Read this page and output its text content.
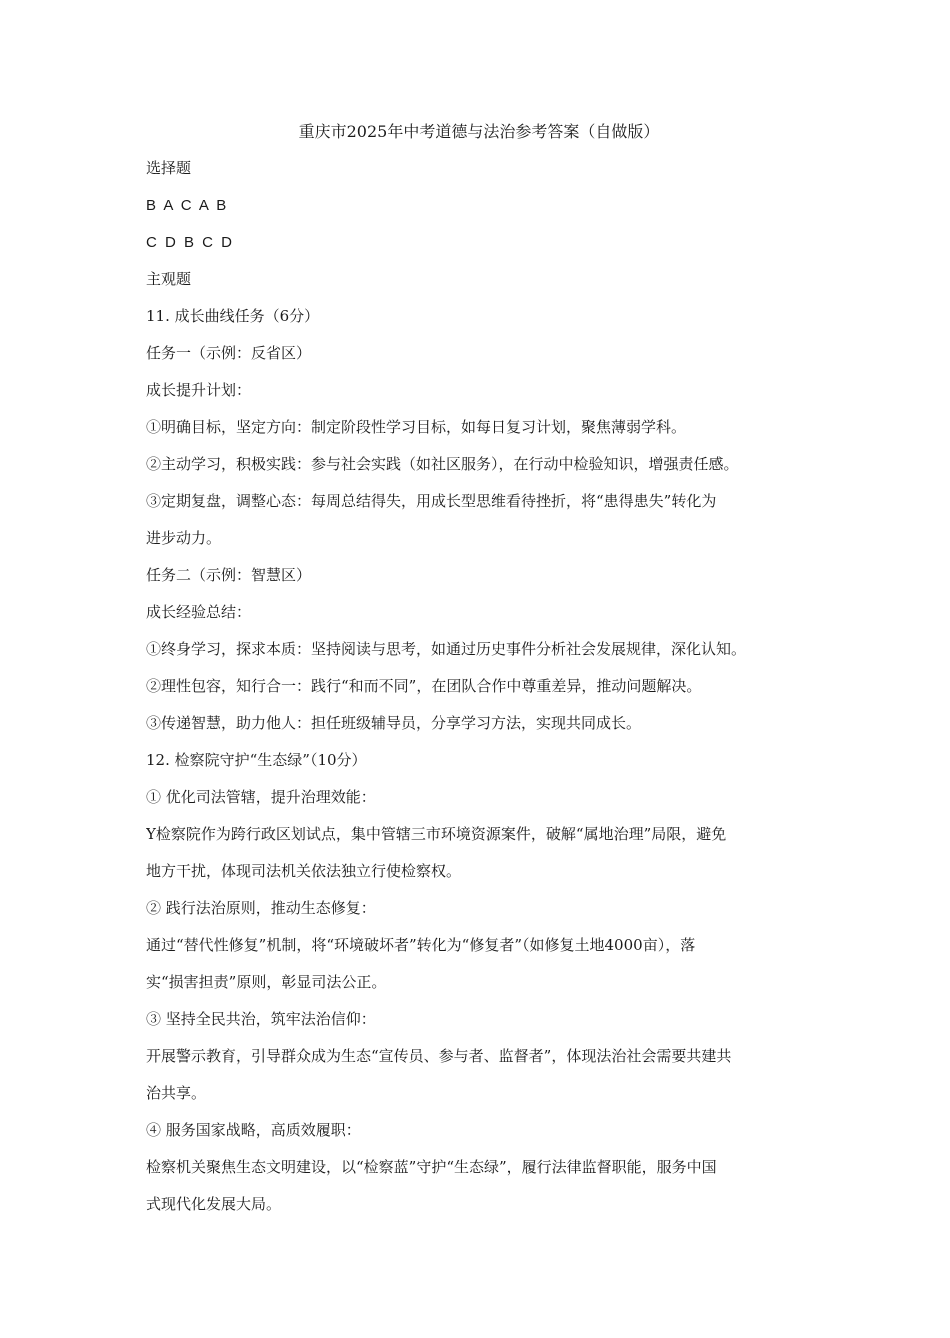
重庆市2025年中考道德与法治参考答案（自做版）

选择题

B A C A B

C D B C D

主观题

11. 成长曲线任务（6分）

任务一（示例：反省区）

成长提升计划：

①明确目标，坚定方向：制定阶段性学习目标，如每日复习计划，聚焦薄弱学科。

②主动学习，积极实践：参与社会实践（如社区服务），在行动中检验知识，增强责任感。

③定期复盘，调整心态：每周总结得失，用成长型思维看待挫折，将“患得患失”转化为

进步动力。

任务二（示例：智慧区）

成长经验总结：

①终身学习，探求本质：坚持阅读与思考，如通过历史事件分析社会发展规律，深化认知。

②理性包容，知行合一：践行“和而不同”，在团队合作中尊重差异，推动问题解决。

③传递智慧，助力他人：担任班级辅导员，分享学习方法，实现共同成长。

12. 检察院守护“生态绿”（10分）

① 优化司法管辖，提升治理效能：

Y检察院作为跨行政区划试点，集中管辖三市环境资源案件，破解“属地治理”局限，避免

地方干扰，体现司法机关依法独立行使检察权。

② 践行法治原则，推动生态修复：

通过“替代性修复”机制，将“环境破坏者”转化为“修复者”（如修复土地4000亩），落

实“损害担责”原则，彰显司法公正。

③ 坚持全民共治，筑牢法治信仰：

开展警示教育，引导群众成为生态“宣传员、参与者、监督者”，体现法治社会需要共建共

治共享。

④ 服务国家战略，高质效履职：

检察机关聚焦生态文明建设，以“检察蓝”守护“生态绿”，履行法律监督职能，服务中国

式现代化发展大局。
